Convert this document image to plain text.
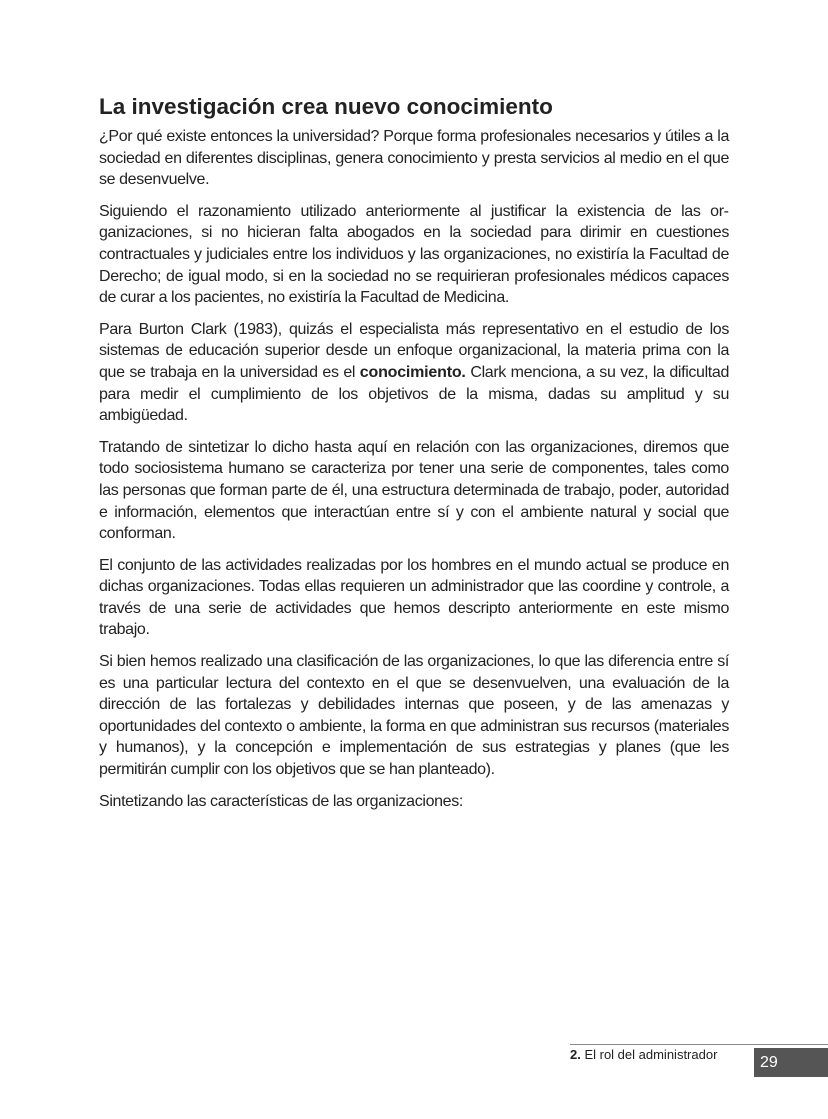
La investigación crea nuevo conocimiento

¿Por qué existe entonces la universidad? Porque forma profesionales necesarios y útiles a la sociedad en diferentes disciplinas, genera conocimiento y presta servicios al medio en el que se desenvuelve.

Siguiendo el razonamiento utilizado anteriormente al justificar la existencia de las organizaciones, si no hicieran falta abogados en la sociedad para dirimir en cuestiones contractuales y judiciales entre los individuos y las organizaciones, no existiría la Facultad de Derecho; de igual modo, si en la sociedad no se requirieran profesionales médicos capaces de curar a los pacientes, no existiría la Facultad de Medicina.

Para Burton Clark (1983), quizás el especialista más representativo en el estudio de los sistemas de educación superior desde un enfoque organizacional, la materia prima con la que se trabaja en la universidad es el conocimiento. Clark menciona, a su vez, la dificultad para medir el cumplimiento de los objetivos de la misma, dadas su amplitud y su ambigüedad.

Tratando de sintetizar lo dicho hasta aquí en relación con las organizaciones, diremos que todo sociosistema humano se caracteriza por tener una serie de componentes, tales como las personas que forman parte de él, una estructura determinada de trabajo, poder, autoridad e información, elementos que interactúan entre sí y con el ambiente natural y social que conforman.

El conjunto de las actividades realizadas por los hombres en el mundo actual se produce en dichas organizaciones. Todas ellas requieren un administrador que las coordine y controle, a través de una serie de actividades que hemos descripto anteriormente en este mismo trabajo.

Si bien hemos realizado una clasificación de las organizaciones, lo que las diferencia entre sí es una particular lectura del contexto en el que se desenvuelven, una evaluación de la dirección de las fortalezas y debilidades internas que poseen, y de las amenazas y oportunidades del contexto o ambiente, la forma en que administran sus recursos (materiales y humanos), y la concepción e implementación de sus estrategias y planes (que les permitirán cumplir con los objetivos que se han planteado).

Sintetizando las características de las organizaciones:

2. El rol del administrador	29
